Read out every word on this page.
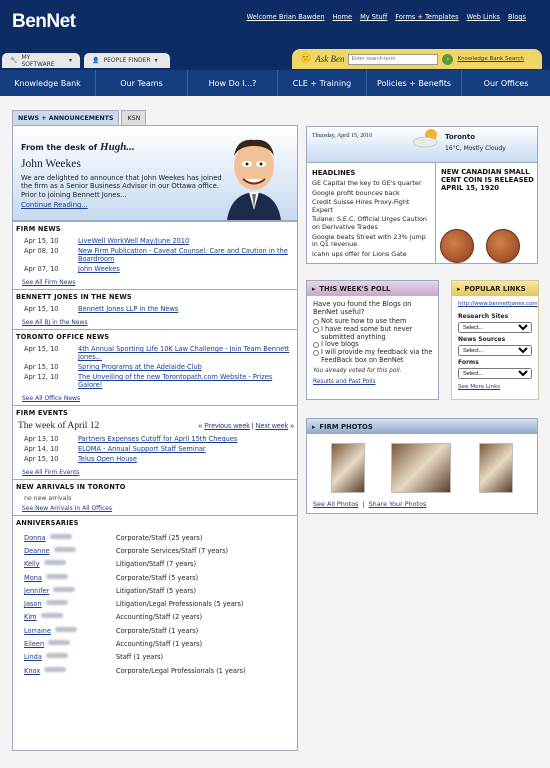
BenNet	Welcome Brian Bawden Home My Stuff Forms + Templates Web Links Blogs
🔧 MY SOFTWARE	▾	👤 PEOPLE FINDER ▾	🙂 Ask Ben
Enter search term	›	Knowledge Bank Search
Knowledge Bank	Our Teams	How Do I...?	CLE + Training	Policies + Benefits	Our Offices
NEWS + ANNOUNCEMENTS	KSN
From the desk of Hugh...
John Weekes
We are delighted to announce that John Weekes has joined the firm as a Senior Business Advisor in our Ottawa office. Prior to joining Bennett Jones...
Continue Reading...
FIRM NEWS
Apr 15, 10	LiveWell WorkWell May/June 2010
Apr 08, 10	New Firm Publication - Caveat Counsel: Care and Caution in the Boardroom
Apr 07, 10	John Weekes
See All Firm News
BENNETT JONES IN THE NEWS
Apr 15, 10	Bennett Jones LLP in the News
See All BJ in the News
TORONTO OFFICE NEWS
Apr 15, 10	4th Annual Sporting Life 10K Law Challenge - Join Team Bennett Jones...
Apr 15, 10	Spring Programs at the Adelaide Club
Apr 12, 10	The Unveiling of the new Torontopath.com Website - Prizes Galore!
See All Office News
FIRM EVENTS
The week of April 12	« Previous week | Next week »
Apr 13, 10	Partners Expenses Cutoff for April 15th Cheques
Apr 14, 10	ELOMA - Annual Support Staff Seminar
Apr 15, 10	Telus Open House
See All Firm Events
NEW ARRIVALS IN TORONTO
no new arrivals
See New Arrivals In All Offices
ANNIVERSARIES
Donna	Corporate/Staff (25 years)
Deanne	Corporate Services/Staff (7 years)
Kelly	Litigation/Staff (7 years)
Mona	Corporate/Staff (5 years)
Jennifer	Litigation/Staff (5 years)
Jason	Litigation/Legal Professionals (5 years)
Kim	Accounting/Staff (2 years)
Lorraine	Corporate/Staff (1 years)
Eileen	Accounting/Staff (1 years)
Linda	Staff (1 years)
Knox	Corporate/Legal Professionals (1 years)
Thursday, April 15, 2010	Toronto
16°C, Mostly Cloudy
HEADLINES
GE Capital the key to GE's quarter
Google profit bounces back
Credit Suisse Hires Proxy-Fight Expert
Tulane: S.E.C. Official Urges Caution on Derivative Trades
Google beats Street with 23% jump in Q1 revenue
Icahn ups offer for Lions Gate
NEW CANADIAN SMALL CENT COIN IS RELEASED APRIL 15, 1920
▸ THIS WEEK'S POLL
Have you found the Blogs on BenNet useful?
Not sure how to use them
I have read some but never submitted anything
I love blogs
I will provide my feedback via the FeedBack box on BenNet
You already voted for this poll.
Results and Past Polls
▸ POPULAR LINKS
http://www.bennettjones.com
Research Sites
Select...
News Sources
Select...
Forms
Select... See More Links
▸ FIRM PHOTOS
See All Photos | Share Your Photos
